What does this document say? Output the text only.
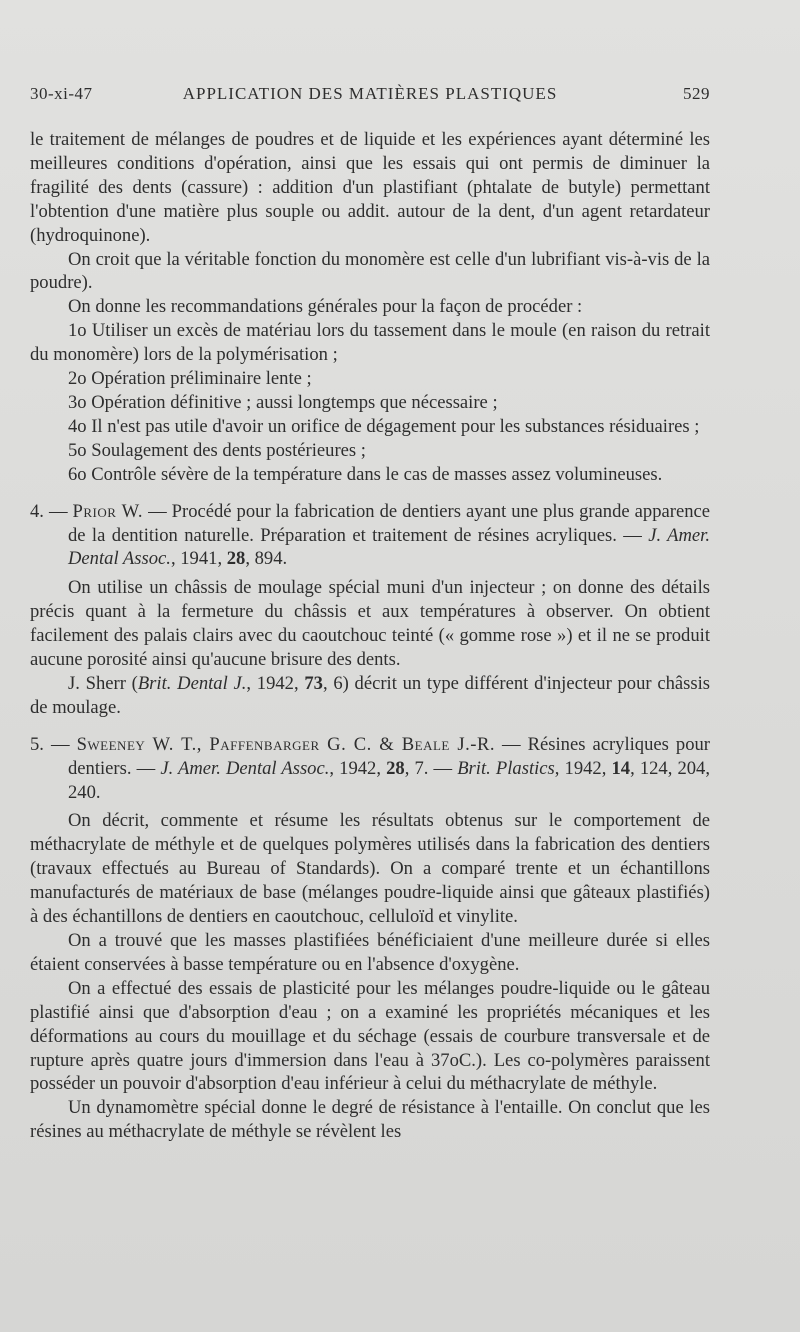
30-xi-47	APPLICATION DES MATIÈRES PLASTIQUES	529

le traitement de mélanges de poudres et de liquide et les expériences ayant déterminé les meilleures conditions d'opération, ainsi que les essais qui ont permis de diminuer la fragilité des dents (cassure) : addition d'un plastifiant (phtalate de butyle) permettant l'obtention d'une matière plus souple ou addit. autour de la dent, d'un agent retardateur (hydroquinone).

On croit que la véritable fonction du monomère est celle d'un lubrifiant vis-à-vis de la poudre).

On donne les recommandations générales pour la façon de procéder :

1o Utiliser un excès de matériau lors du tassement dans le moule (en raison du retrait du monomère) lors de la polymérisation ;

2o Opération préliminaire lente ;

3o Opération définitive ; aussi longtemps que nécessaire ;

4o Il n'est pas utile d'avoir un orifice de dégagement pour les substances résiduaires ;

5o Soulagement des dents postérieures ;

6o Contrôle sévère de la température dans le cas de masses assez volumineuses.

4. — Prior W. — Procédé pour la fabrication de dentiers ayant une plus grande apparence de la dentition naturelle. Préparation et traitement de résines acryliques. — J. Amer. Dental Assoc., 1941, 28, 894.

On utilise un châssis de moulage spécial muni d'un injecteur ; on donne des détails précis quant à la fermeture du châssis et aux températures à observer. On obtient facilement des palais clairs avec du caoutchouc teinté (« gomme rose ») et il ne se produit aucune porosité ainsi qu'aucune brisure des dents.

J. Sherr (Brit. Dental J., 1942, 73, 6) décrit un type différent d'injecteur pour châssis de moulage.

5. — Sweeney W. T., Paffenbarger G. C. & Beale J.-R. — Résines acryliques pour dentiers. — J. Amer. Dental Assoc., 1942, 28, 7. — Brit. Plastics, 1942, 14, 124, 204, 240.

On décrit, commente et résume les résultats obtenus sur le comportement de méthacrylate de méthyle et de quelques polymères utilisés dans la fabrication des dentiers (travaux effectués au Bureau of Standards). On a comparé trente et un échantillons manufacturés de matériaux de base (mélanges poudre-liquide ainsi que gâteaux plastifiés) à des échantillons de dentiers en caoutchouc, celluloïd et vinylite.

On a trouvé que les masses plastifiées bénéficiaient d'une meilleure durée si elles étaient conservées à basse température ou en l'absence d'oxygène.

On a effectué des essais de plasticité pour les mélanges poudre-liquide ou le gâteau plastifié ainsi que d'absorption d'eau ; on a examiné les propriétés mécaniques et les déformations au cours du mouillage et du séchage (essais de courbure transversale et de rupture après quatre jours d'immersion dans l'eau à 37oC.). Les co-polymères paraissent posséder un pouvoir d'absorption d'eau inférieur à celui du méthacrylate de méthyle.

Un dynamomètre spécial donne le degré de résistance à l'entaille. On conclut que les résines au méthacrylate de méthyle se révèlent les
